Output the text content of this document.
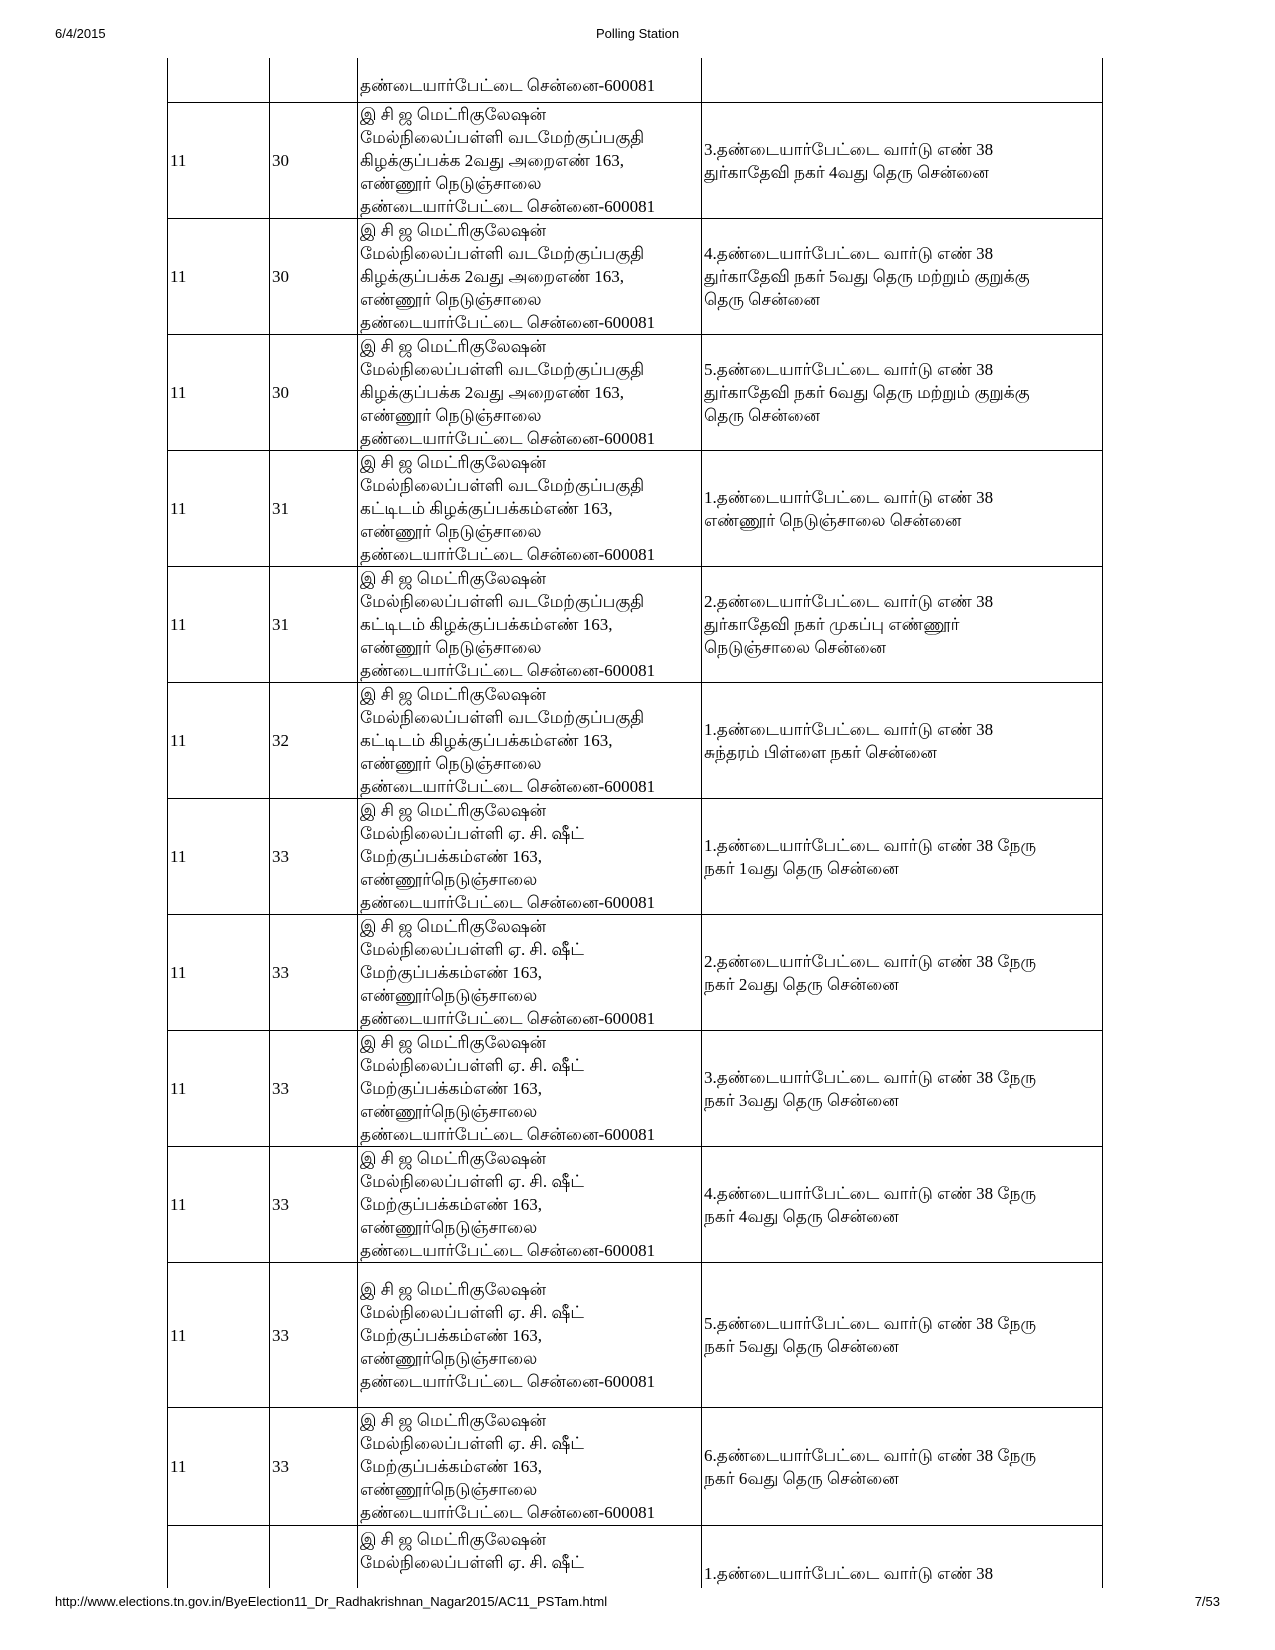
6/4/2015	Polling Station

		தண்டையார்பேட்டை சென்னை-600081	

11	30	இ சி ஜ மெட்ரிகுலேஷன்
மேல்நிலைப்பள்ளி வடமேற்குப்பகுதி
கிழக்குப்பக்க 2வது அறைஎண் 163,
எண்ணூர் நெடுஞ்சாலை
தண்டையார்பேட்டை சென்னை-600081	3.தண்டையார்பேட்டை வார்டு எண் 38 துர்காதேவி நகர் 4வது தெரு சென்னை

11	30	இ சி ஜ மெட்ரிகுலேஷன்
மேல்நிலைப்பள்ளி வடமேற்குப்பகுதி
கிழக்குப்பக்க 2வது அறைஎண் 163,
எண்ணூர் நெடுஞ்சாலை
தண்டையார்பேட்டை சென்னை-600081	4.தண்டையார்பேட்டை வார்டு எண் 38 துர்காதேவி நகர் 5வது தெரு மற்றும் குறுக்கு தெரு சென்னை

11	30	இ சி ஜ மெட்ரிகுலேஷன்
மேல்நிலைப்பள்ளி வடமேற்குப்பகுதி
கிழக்குப்பக்க 2வது அறைஎண் 163,
எண்ணூர் நெடுஞ்சாலை
தண்டையார்பேட்டை சென்னை-600081	5.தண்டையார்பேட்டை வார்டு எண் 38 துர்காதேவி நகர் 6வது தெரு மற்றும் குறுக்கு தெரு சென்னை

11	31	இ சி ஜ மெட்ரிகுலேஷன்
மேல்நிலைப்பள்ளி வடமேற்குப்பகுதி
கட்டிடம் கிழக்குப்பக்கம்எண் 163,
எண்ணூர் நெடுஞ்சாலை
தண்டையார்பேட்டை சென்னை-600081	1.தண்டையார்பேட்டை வார்டு எண் 38 எண்ணூர் நெடுஞ்சாலை சென்னை

11	31	இ சி ஜ மெட்ரிகுலேஷன்
மேல்நிலைப்பள்ளி வடமேற்குப்பகுதி
கட்டிடம் கிழக்குப்பக்கம்எண் 163,
எண்ணூர் நெடுஞ்சாலை
தண்டையார்பேட்டை சென்னை-600081	2.தண்டையார்பேட்டை வார்டு எண் 38 துர்காதேவி நகர் முகப்பு எண்ணூர் நெடுஞ்சாலை சென்னை

11	32	இ சி ஜ மெட்ரிகுலேஷன்
மேல்நிலைப்பள்ளி வடமேற்குப்பகுதி
கட்டிடம் கிழக்குப்பக்கம்எண் 163,
எண்ணூர் நெடுஞ்சாலை
தண்டையார்பேட்டை சென்னை-600081	1.தண்டையார்பேட்டை வார்டு எண் 38 சுந்தரம் பிள்ளை நகர் சென்னை

11	33	இ சி ஜ மெட்ரிகுலேஷன்
மேல்நிலைப்பள்ளி ஏ. சி. ஷீட்
மேற்குப்பக்கம்எண் 163,
எண்ணூர்நெடுஞ்சாலை
தண்டையார்பேட்டை சென்னை-600081	1.தண்டையார்பேட்டை வார்டு எண் 38 நேரு நகர் 1வது தெரு சென்னை

11	33	இ சி ஜ மெட்ரிகுலேஷன்
மேல்நிலைப்பள்ளி ஏ. சி. ஷீட்
மேற்குப்பக்கம்எண் 163,
எண்ணூர்நெடுஞ்சாலை
தண்டையார்பேட்டை சென்னை-600081	2.தண்டையார்பேட்டை வார்டு எண் 38 நேரு நகர் 2வது தெரு சென்னை

11	33	இ சி ஜ மெட்ரிகுலேஷன்
மேல்நிலைப்பள்ளி ஏ. சி. ஷீட்
மேற்குப்பக்கம்எண் 163,
எண்ணூர்நெடுஞ்சாலை
தண்டையார்பேட்டை சென்னை-600081	3.தண்டையார்பேட்டை வார்டு எண் 38 நேரு நகர் 3வது தெரு சென்னை

11	33	இ சி ஜ மெட்ரிகுலேஷன்
மேல்நிலைப்பள்ளி ஏ. சி. ஷீட்
மேற்குப்பக்கம்எண் 163,
எண்ணூர்நெடுஞ்சாலை
தண்டையார்பேட்டை சென்னை-600081	4.தண்டையார்பேட்டை வார்டு எண் 38 நேரு நகர் 4வது தெரு சென்னை

11	33	இ சி ஜ மெட்ரிகுலேஷன்
மேல்நிலைப்பள்ளி ஏ. சி. ஷீட்
மேற்குப்பக்கம்எண் 163,
எண்ணூர்நெடுஞ்சாலை
தண்டையார்பேட்டை சென்னை-600081	5.தண்டையார்பேட்டை வார்டு எண் 38 நேரு நகர் 5வது தெரு சென்னை

11	33	இ சி ஜ மெட்ரிகுலேஷன்
மேல்நிலைப்பள்ளி ஏ. சி. ஷீட்
மேற்குப்பக்கம்எண் 163,
எண்ணூர்நெடுஞ்சாலை
தண்டையார்பேட்டை சென்னை-600081	6.தண்டையார்பேட்டை வார்டு எண் 38 நேரு நகர் 6வது தெரு சென்னை

		இ சி ஜ மெட்ரிகுலேஷன்
மேல்நிலைப்பள்ளி ஏ. சி. ஷீட்	1.தண்டையார்பேட்டை வார்டு எண் 38
http://www.elections.tn.gov.in/ByeElection11_Dr_Radhakrishnan_Nagar2015/AC11_PSTam.html	7/53
